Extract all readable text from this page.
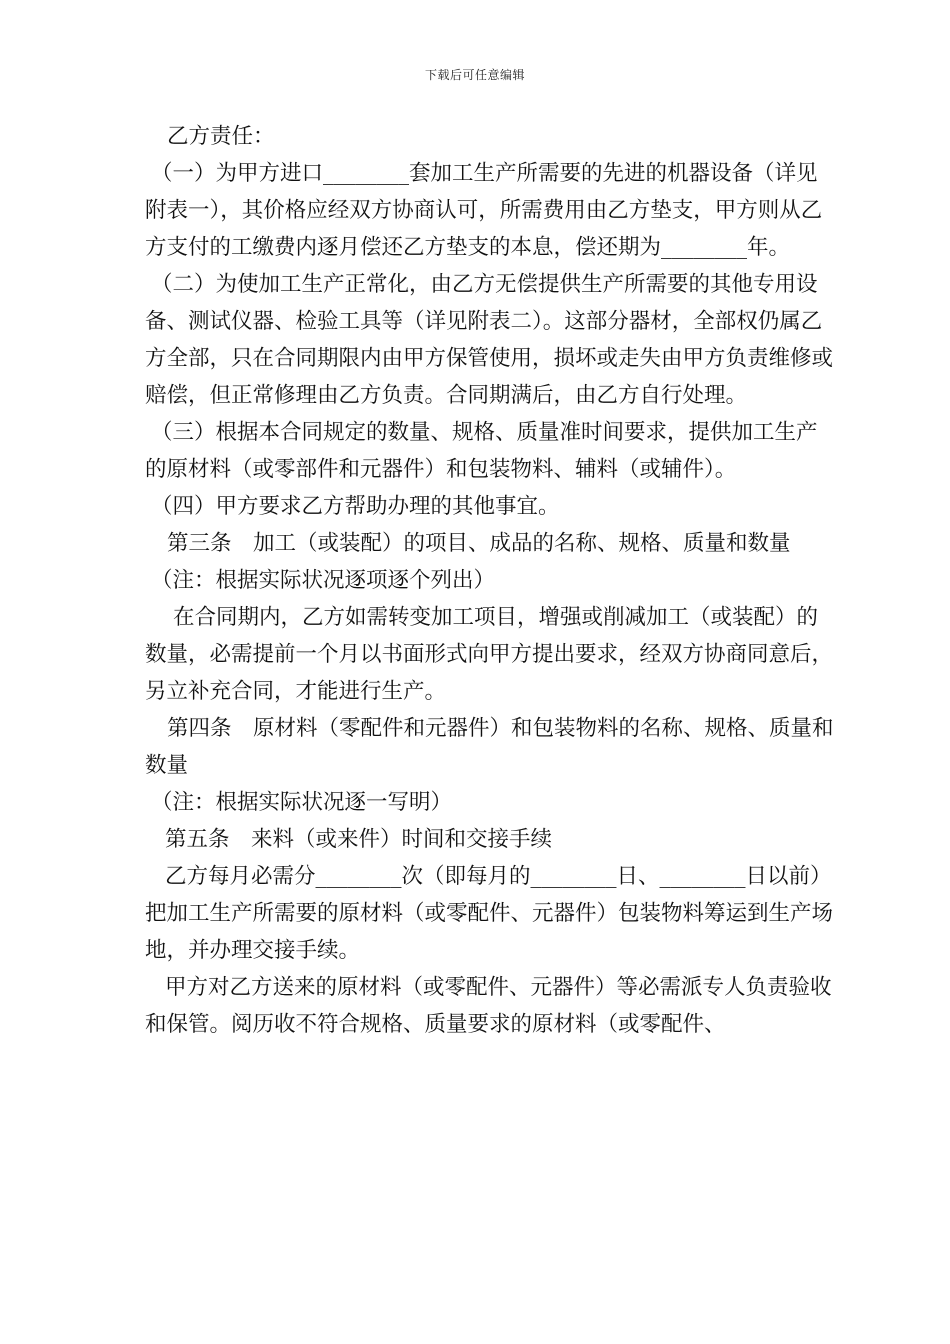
下载后可任意编辑

乙方责任：

（一）为甲方进口________套加工生产所需要的先进的机器设备（详见附表一），其价格应经双方协商认可，所需费用由乙方垫支，甲方则从乙方支付的工缴费内逐月偿还乙方垫支的本息，偿还期为________年。

（二）为使加工生产正常化，由乙方无偿提供生产所需要的其他专用设备、测试仪器、检验工具等（详见附表二）。这部分器材，全部权仍属乙方全部，只在合同期限内由甲方保管使用，损坏或走失由甲方负责维修或赔偿，但正常修理由乙方负责。合同期满后，由乙方自行处理。

（三）根据本合同规定的数量、规格、质量准时间要求，提供加工生产的原材料（或零部件和元器件）和包装物料、辅料（或辅件）。

（四）甲方要求乙方帮助办理的其他事宜。

第三条　加工（或装配）的项目、成品的名称、规格、质量和数量

（注：根据实际状况逐项逐个列出）

在合同期内，乙方如需转变加工项目，增强或削减加工（或装配）的数量，必需提前一个月以书面形式向甲方提出要求，经双方协商同意后，另立补充合同，才能进行生产。

第四条　原材料（零配件和元器件）和包装物料的名称、规格、质量和数量

（注：根据实际状况逐一写明）

第五条　来料（或来件）时间和交接手续

乙方每月必需分________次（即每月的________日、________日以前）把加工生产所需要的原材料（或零配件、元器件）包装物料筹运到生产场地，并办理交接手续。

甲方对乙方送来的原材料（或零配件、元器件）等必需派专人负责验收和保管。阅历收不符合规格、质量要求的原材料（或零配件、
